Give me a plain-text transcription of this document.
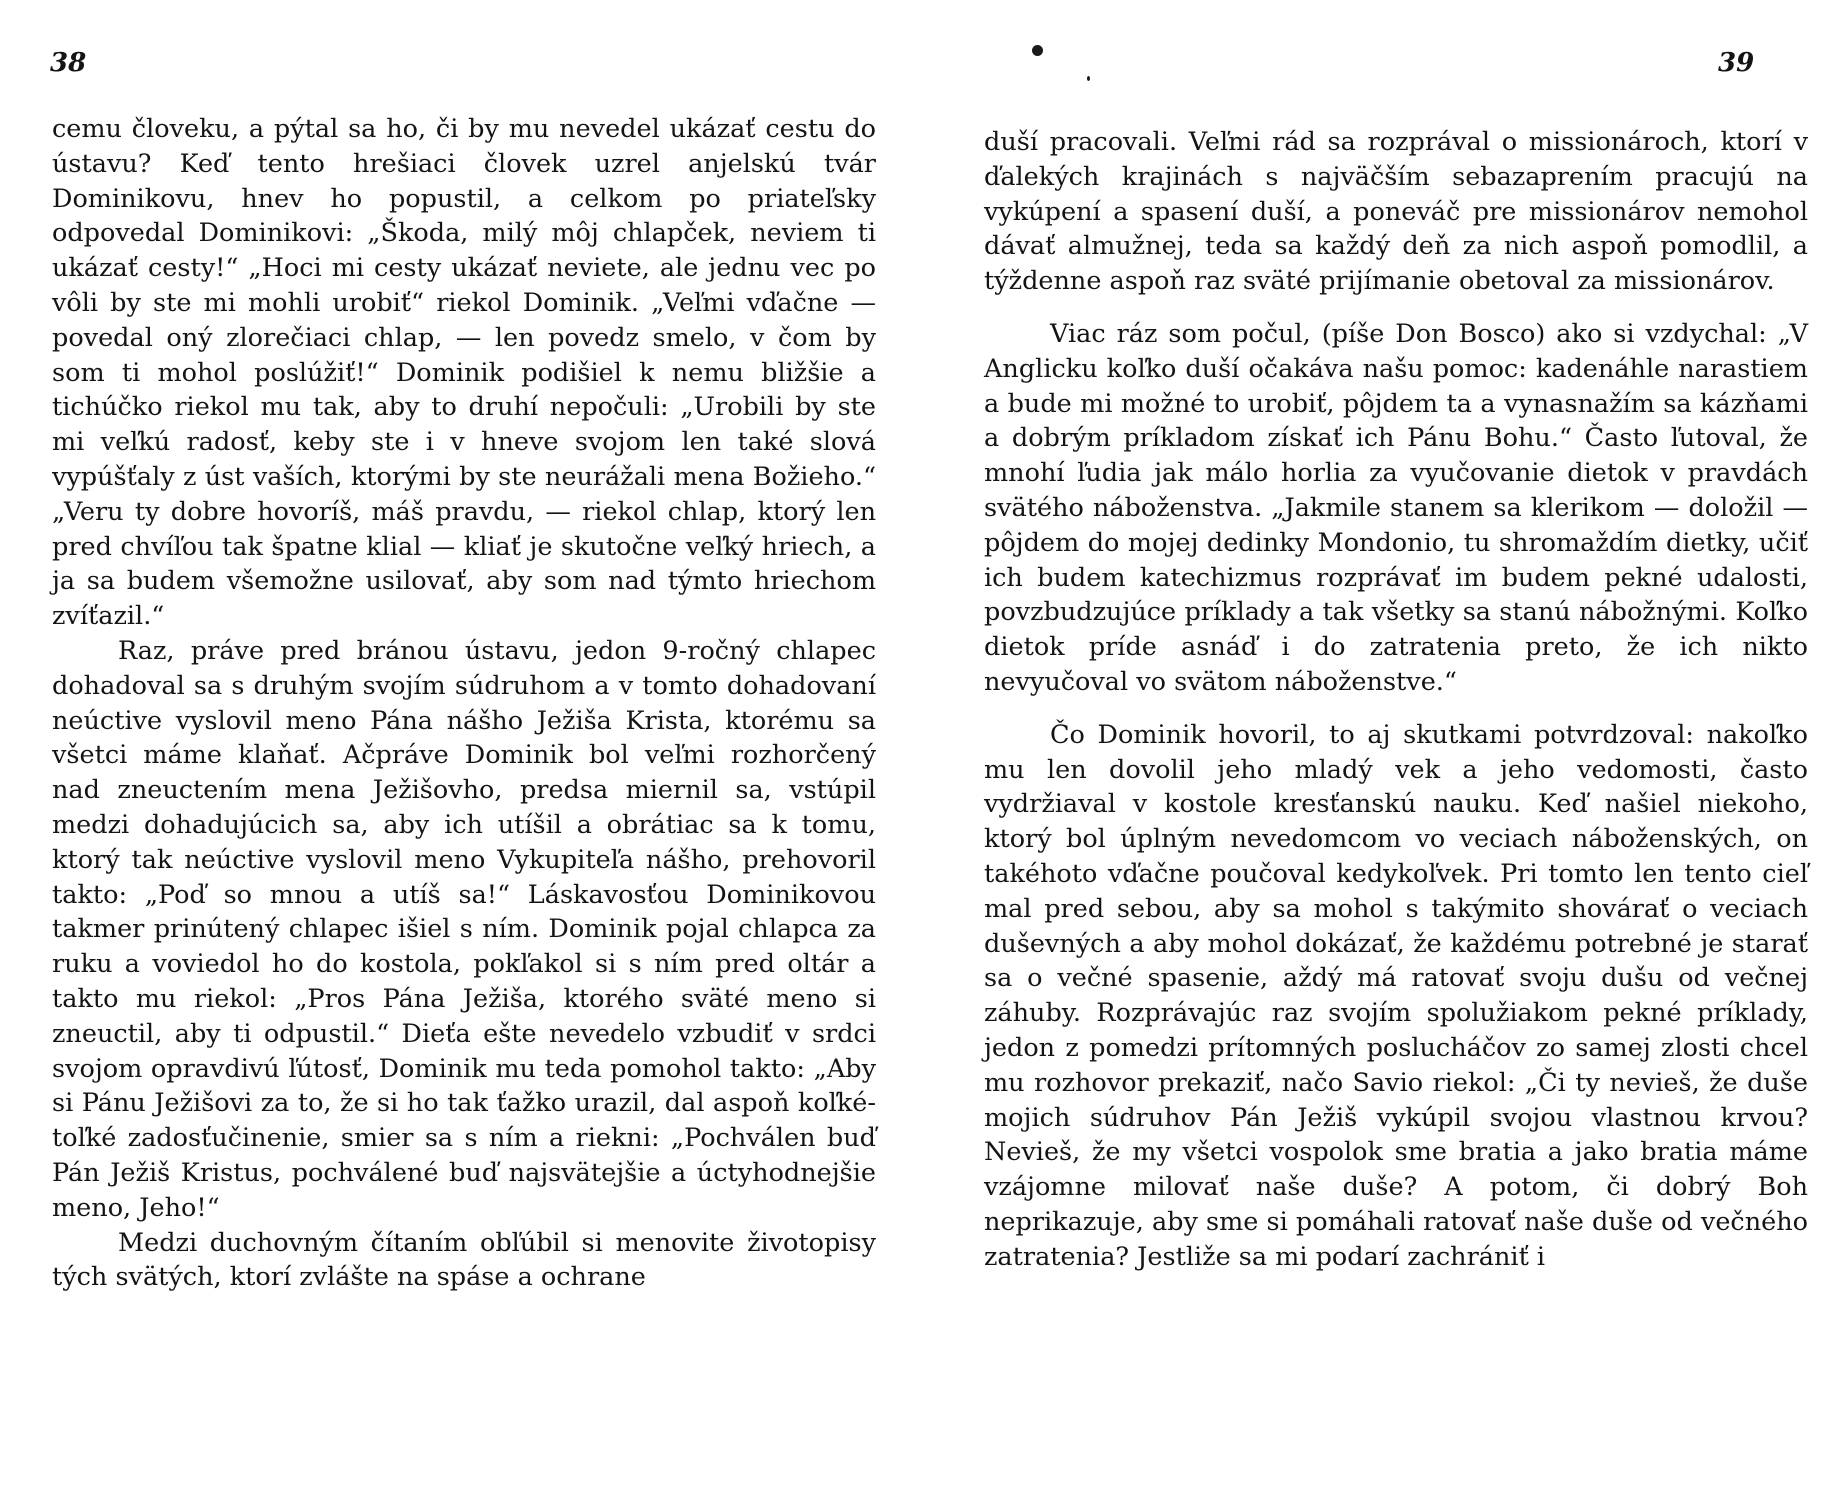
38

cemu človeku, a pýtal sa ho, či by mu nevedel ukázať cestu do ústavu? Keď tento hrešiaci človek uzrel anjelskú tvár Dominikovu, hnev ho popustil, a celkom po priateľsky odpovedal Dominikovi: „Škoda, milý môj chlapček, neviem ti ukázať cesty!“ „Hoci mi cesty ukázať neviete, ale jednu vec po vôli by ste mi mohli urobiť“ riekol Dominik. „Veľmi vďačne — povedal oný zlorečiaci chlap, — len povedz smelo, v čom by som ti mohol poslúžiť!“ Dominik podišiel k nemu bližšie a tichúčko riekol mu tak, aby to druhí nepočuli: „Urobili by ste mi veľkú radosť, keby ste i v hneve svojom len také slová vypúšťaly z úst vaších, ktorými by ste neurážali mena Božieho.“ „Veru ty dobre hovoríš, máš pravdu, — riekol chlap, ktorý len pred chvíľou tak špatne klial — kliať je skutočne veľký hriech, a ja sa budem všemožne usilovať, aby som nad týmto hriechom zvíťazil.“

Raz, práve pred bránou ústavu, jedon 9-ročný chlapec dohadoval sa s druhým svojím súdruhom a v tomto dohadovaní neúctive vyslovil meno Pána nášho Ježiša Krista, ktorému sa všetci máme klaňať. Ačpráve Dominik bol veľmi rozhorčený nad zneuctením mena Ježišovho, predsa miernil sa, vstúpil medzi dohadujúcich sa, aby ich utíšil a obrátiac sa k tomu, ktorý tak neúctive vyslovil meno Vykupiteľa nášho, prehovoril takto: „Poď so mnou a utíš sa!“ Láskavosťou Dominikovou takmer prinútený chlapec išiel s ním. Dominik pojal chlapca za ruku a voviedol ho do kostola, pokľakol si s ním pred oltár a takto mu riekol: „Pros Pána Ježiša, ktorého sväté meno si zneuctil, aby ti odpustil.“ Dieťa ešte nevedelo vzbudiť v srdci svojom opravdivú ľútosť, Dominik mu teda pomohol takto: „Aby si Pánu Ježišovi za to, že si ho tak ťažko urazil, dal aspoň koľké-toľké zadosťučinenie, smier sa s ním a riekni: „Pochválen buď Pán Ježiš Kristus, pochválené buď najsvätejšie a úctyhodnejšie meno, Jeho!“

Medzi duchovným čítaním obľúbil si menovite životopisy tých svätých, ktorí zvlášte na spáse a ochrane

39

duší pracovali. Veľmi rád sa rozprával o missionároch, ktorí v ďalekých krajinách s najväčším sebazaprením pracujú na vykúpení a spasení duší, a poneváč pre missionárov nemohol dávať almužnej, teda sa každý deň za nich aspoň pomodlil, a týždenne aspoň raz sväté prijímanie obetoval za missionárov.

Viac ráz som počul, (píše Don Bosco) ako si vzdychal: „V Anglicku koľko duší očakáva našu pomoc: kadenáhle narastiem a bude mi možné to urobiť, pôjdem ta a vynasnažím sa kázňami a dobrým príkladom získať ich Pánu Bohu.“ Často ľutoval, že mnohí ľudia jak málo horlia za vyučovanie dietok v pravdách svätého náboženstva. „Jakmile stanem sa klerikom — doložil — pôjdem do mojej dedinky Mondonio, tu shromaždím dietky, učiť ich budem katechizmus rozprávať im budem pekné udalosti, povzbudzujúce príklady a tak všetky sa stanú nábožnými. Koľko dietok príde asnáď i do zatratenia preto, že ich nikto nevyučoval vo svätom náboženstve.“

Čo Dominik hovoril, to aj skutkami potvrdzoval: nakoľko mu len dovolil jeho mladý vek a jeho vedomosti, často vydržiaval v kostole kresťanskú nauku. Keď našiel niekoho, ktorý bol úplným nevedomcom vo veciach náboženských, on takéhoto vďačne poučoval kedykoľvek. Pri tomto len tento cieľ mal pred sebou, aby sa mohol s takýmito shovárať o veciach duševných a aby mohol dokázať, že každému potrebné je starať sa o večné spasenie, aždý má ratovať svoju dušu od večnej záhuby. Rozprávajúc raz svojím spolužiakom pekné príklady, jedon z pomedzi prítomných poslucháčov zo samej zlosti chcel mu rozhovor prekaziť, načo Savio riekol: „Či ty nevieš, že duše mojich súdruhov Pán Ježiš vykúpil svojou vlastnou krvou? Nevieš, že my všetci vospolok sme bratia a jako bratia máme vzájomne milovať naše duše? A potom, či dobrý Boh neprikazuje, aby sme si pomáhali ratovať naše duše od večného zatratenia? Jestliže sa mi podarí zachrániť i
